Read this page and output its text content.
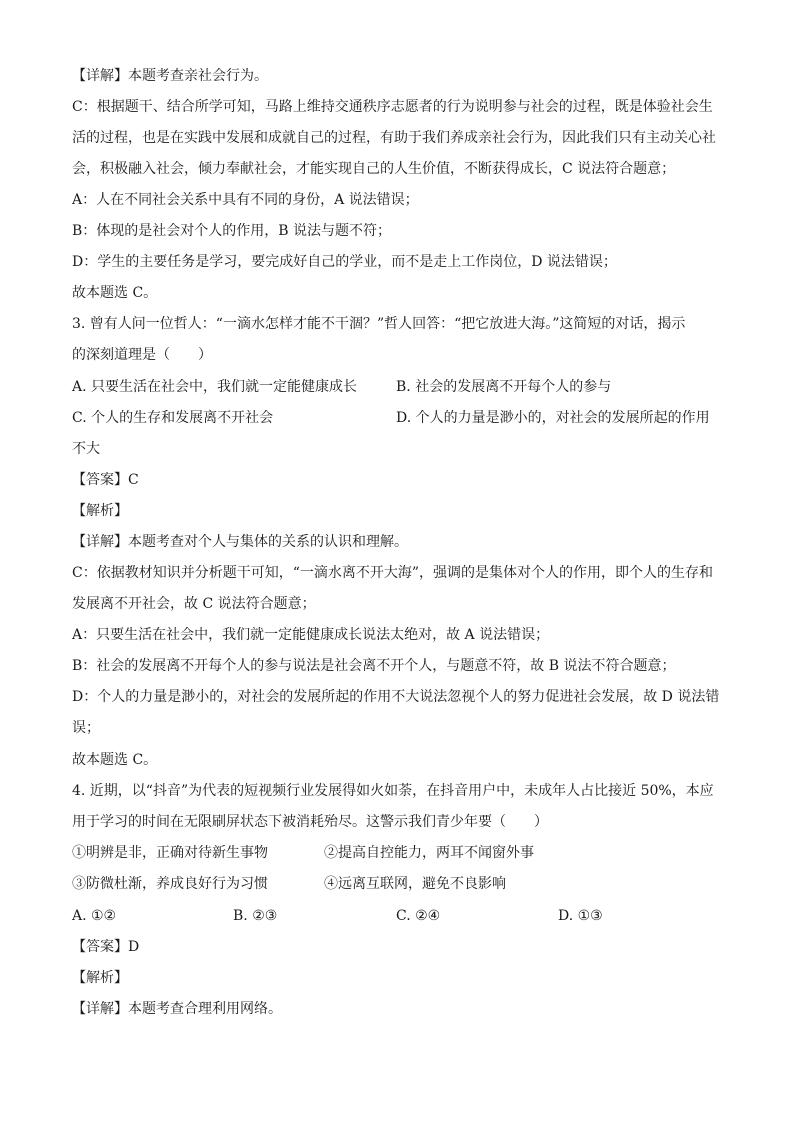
【详解】本题考查亲社会行为。
C：根据题干、结合所学可知，马路上维持交通秩序志愿者的行为说明参与社会的过程，既是体验社会生
活的过程，也是在实践中发展和成就自己的过程，有助于我们养成亲社会行为，因此我们只有主动关心社
会，积极融入社会，倾力奉献社会，才能实现自己的人生价值，不断获得成长，C 说法符合题意；
A：人在不同社会关系中具有不同的身份，A 说法错误；
B：体现的是社会对个人的作用，B 说法与题不符；
D：学生的主要任务是学习，要完成好自己的学业，而不是走上工作岗位，D 说法错误；
故本题选 C。
3. 曾有人问一位哲人：“一滴水怎样才能不干涸？”哲人回答：“把它放进大海。”这简短的对话，揭示
的深刻道理是（　　）
A. 只要生活在社会中，我们就一定能健康成长	B. 社会的发展离不开每个人的参与
C. 个人的生存和发展离不开社会	D. 个人的力量是渺小的，对社会的发展所起的作用
不大
【答案】C
【解析】
【详解】本题考查对个人与集体的关系的认识和理解。
C：依据教材知识并分析题干可知，“一滴水离不开大海”，强调的是集体对个人的作用，即个人的生存和
发展离不开社会，故 C 说法符合题意；
A：只要生活在社会中，我们就一定能健康成长说法太绝对，故 A 说法错误；
B：社会的发展离不开每个人的参与说法是社会离不开个人，与题意不符，故 B 说法不符合题意；
D：个人的力量是渺小的，对社会的发展所起的作用不大说法忽视个人的努力促进社会发展，故 D 说法错
误；
故本题选 C。
4. 近期，以“抖音”为代表的短视频行业发展得如火如荼，在抖音用户中，未成年人占比接近 50%，本应
用于学习的时间在无限刷屏状态下被消耗殆尽。这警示我们青少年要（　　）
①明辨是非，正确对待新生事物	②提高自控能力，两耳不闻窗外事
③防微杜渐，养成良好行为习惯	④远离互联网，避免不良影响
A. ①②	B. ②③	C. ②④	D. ①③
【答案】D
【解析】
【详解】本题考查合理利用网络。
